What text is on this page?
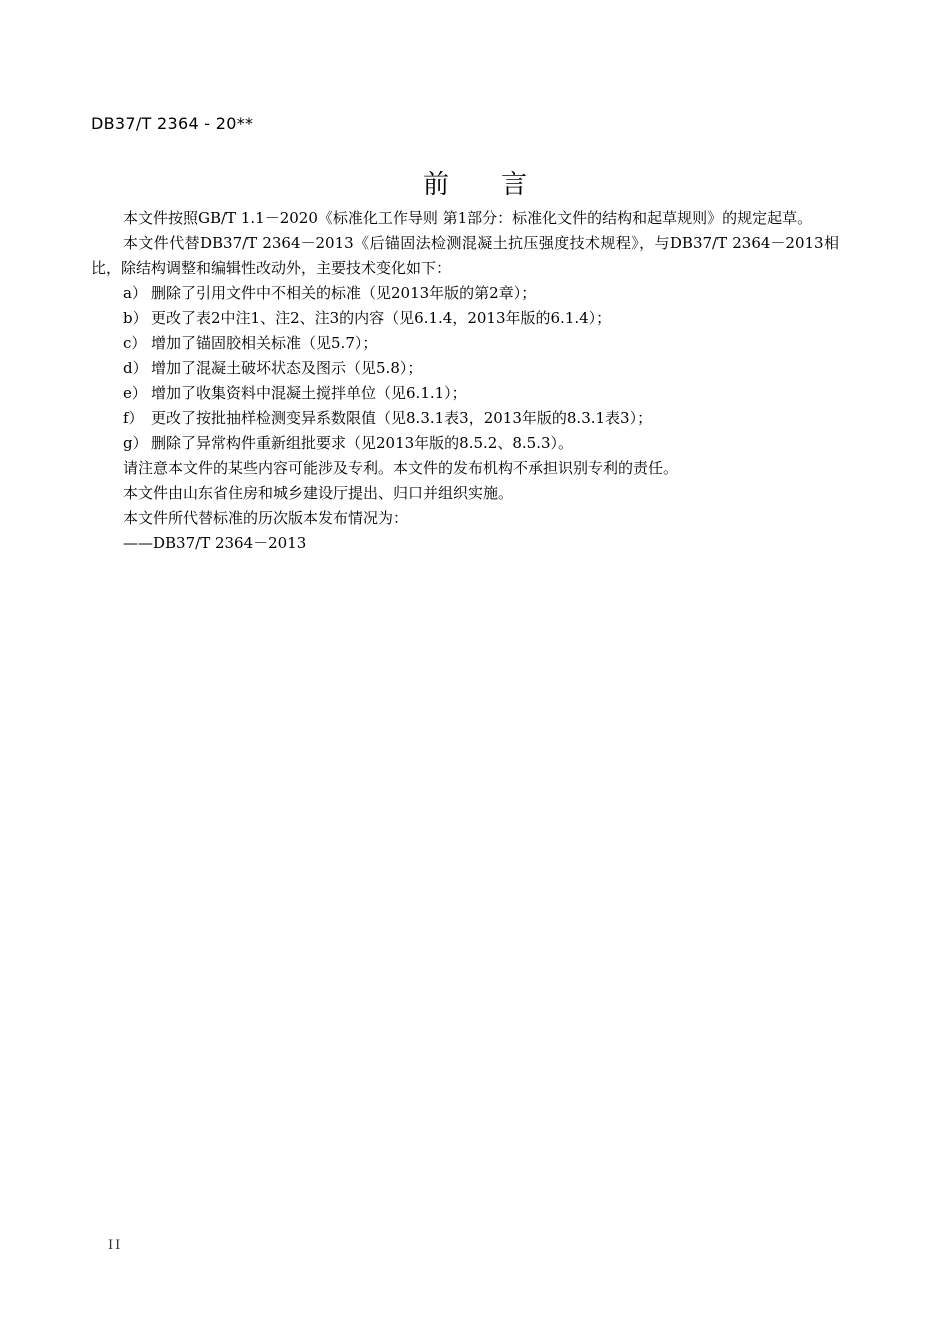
DB37/T 2364 - 20**
前 言

本文件按照GB/T 1.1－2020《标准化工作导则 第1部分：标准化文件的结构和起草规则》的规定起草。

本文件代替DB37/T 2364－2013《后锚固法检测混凝土抗压强度技术规程》，与DB37/T 2364－2013相比，除结构调整和编辑性改动外，主要技术变化如下：

a） 删除了引用文件中不相关的标准（见2013年版的第2章）；

b） 更改了表2中注1、注2、注3的内容（见6.1.4，2013年版的6.1.4）；

c） 增加了锚固胶相关标准（见5.7）；

d） 增加了混凝土破坏状态及图示（见5.8）；

e） 增加了收集资料中混凝土搅拌单位（见6.1.1）；

f） 更改了按批抽样检测变异系数限值（见8.3.1表3，2013年版的8.3.1表3）；

g） 删除了异常构件重新组批要求（见2013年版的8.5.2、8.5.3）。

请注意本文件的某些内容可能涉及专利。本文件的发布机构不承担识别专利的责任。

本文件由山东省住房和城乡建设厅提出、归口并组织实施。

本文件所代替标准的历次版本发布情况为：

——DB37/T 2364－2013

II
